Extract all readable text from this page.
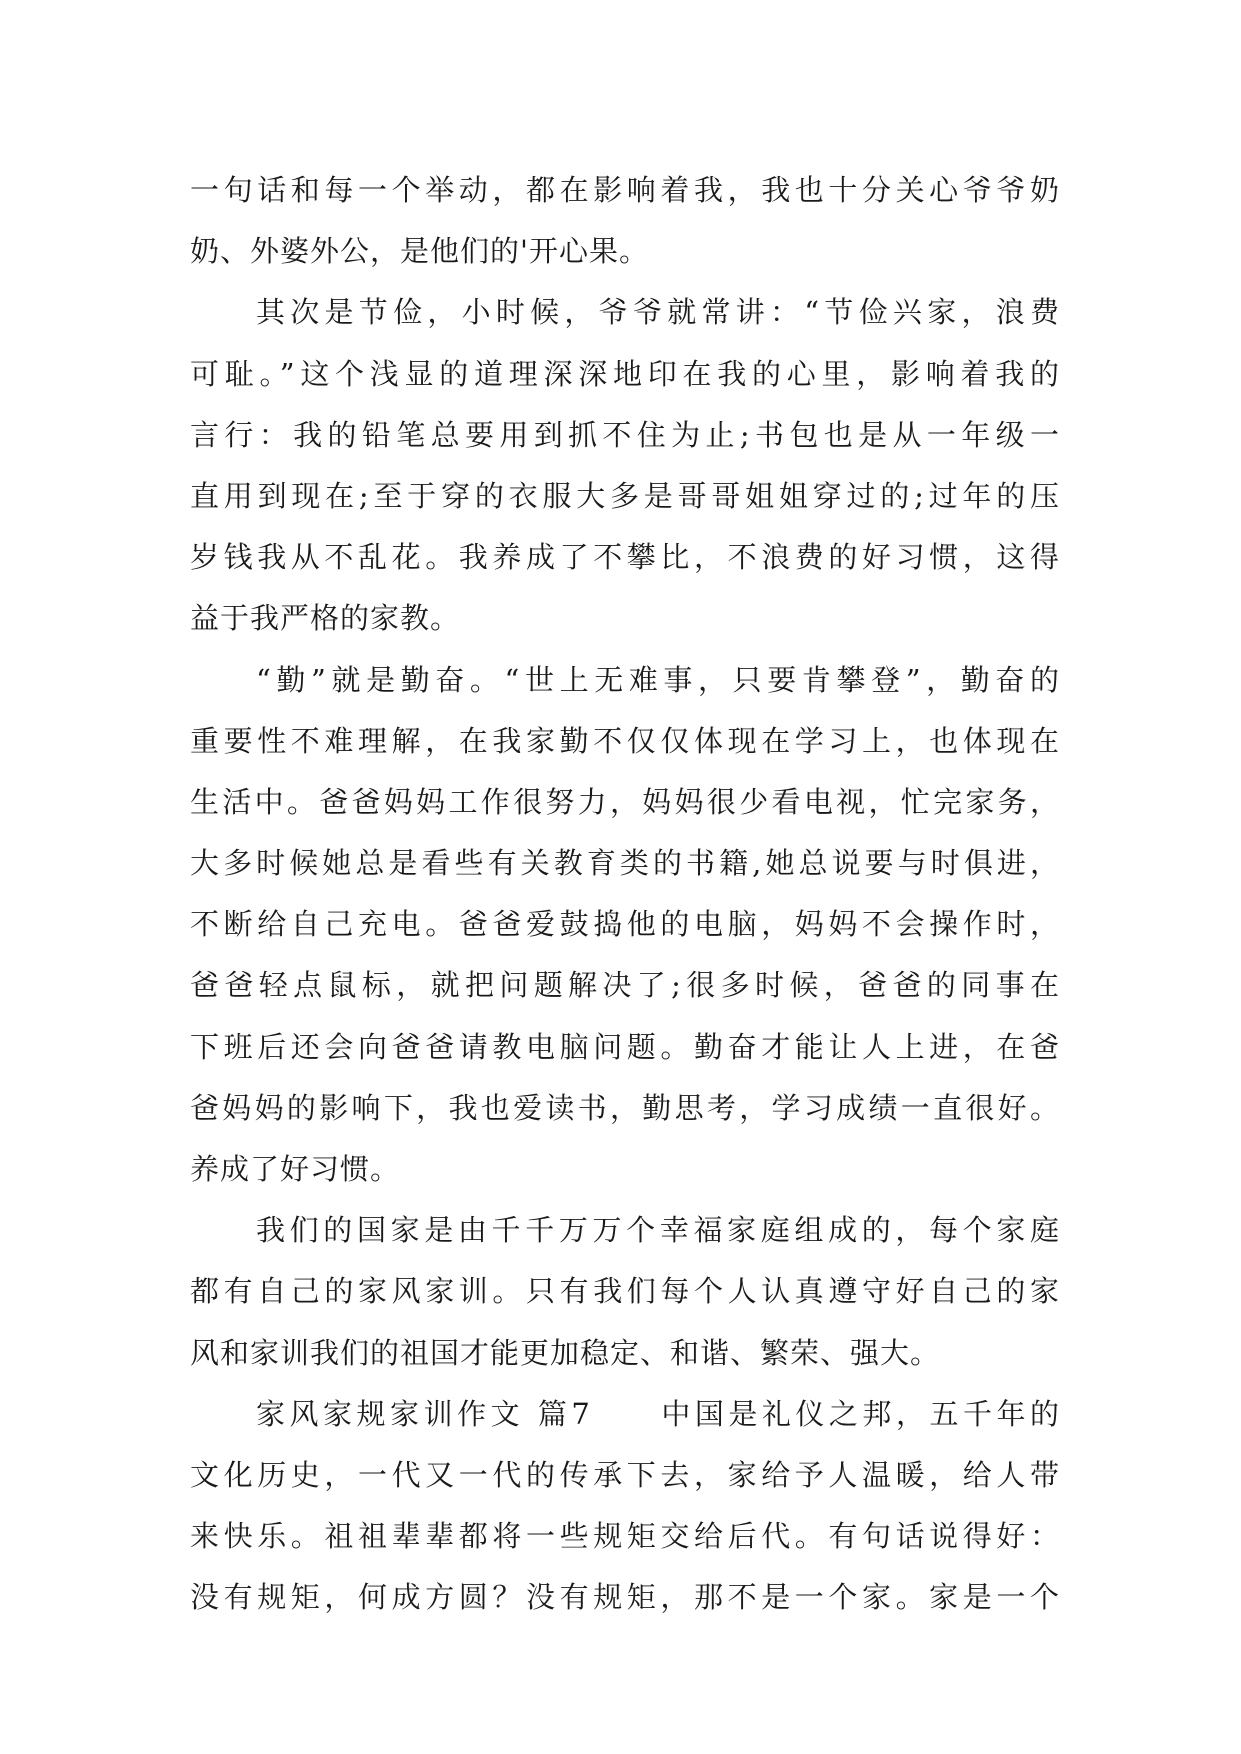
一句话和每一个举动，都在影响着我，我也十分关心爷爷奶
奶、外婆外公，是他们的'开心果。
其次是节俭，小时候，爷爷就常讲：“节俭兴家，浪费
可耻。”这个浅显的道理深深地印在我的心里，影响着我的
言行：我的铅笔总要用到抓不住为止;书包也是从一年级一
直用到现在;至于穿的衣服大多是哥哥姐姐穿过的;过年的压
岁钱我从不乱花。我养成了不攀比，不浪费的好习惯，这得
益于我严格的家教。
“勤”就是勤奋。“世上无难事，只要肯攀登”，勤奋的
重要性不难理解，在我家勤不仅仅体现在学习上，也体现在
生活中。爸爸妈妈工作很努力，妈妈很少看电视，忙完家务，
大多时候她总是看些有关教育类的书籍,她总说要与时俱进，
不断给自己充电。爸爸爱鼓捣他的电脑，妈妈不会操作时，
爸爸轻点鼠标，就把问题解决了;很多时候，爸爸的同事在
下班后还会向爸爸请教电脑问题。勤奋才能让人上进，在爸
爸妈妈的影响下，我也爱读书，勤思考，学习成绩一直很好。
养成了好习惯。
我们的国家是由千千万万个幸福家庭组成的，每个家庭
都有自己的家风家训。只有我们每个人认真遵守好自己的家
风和家训我们的祖国才能更加稳定、和谐、繁荣、强大。
家风家规家训作文 篇7　　中国是礼仪之邦，五千年的
文化历史，一代又一代的传承下去，家给予人温暖，给人带
来快乐。祖祖辈辈都将一些规矩交给后代。有句话说得好：
没有规矩，何成方圆？没有规矩，那不是一个家。家是一个
